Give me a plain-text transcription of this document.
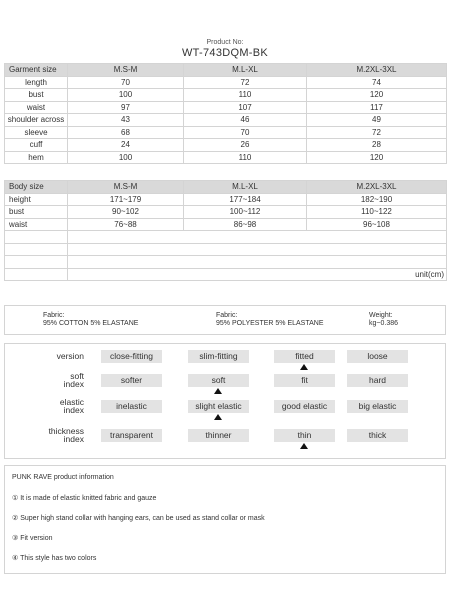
Product No:
WT-743DQM-BK
Garment size	M.S-M	M.L-XL	M.2XL-3XL
length	70	72	74
bust	100	110	120
waist	97	107	117
shoulder across	43	46	49
sleeve	68	70	72
cuff	24	26	28
hem	100	110	120
Body size	M.S-M	M.L-XL	M.2XL-3XL
height	171~179	177~184	182~190
bust	90~102	100~112	110~122
waist	76~88	86~98	96~108

	unit(cm)		
Fabric:
95% COTTON 5% ELASTANE
Fabric:
95% POLYESTER 5% ELASTANE
Weight:
kg~0.386
version	close-fitting	slim-fitting	fitted	loose
soft
index	softer	soft	fit	hard
elastic
index	inelastic	slight elastic	good elastic	big elastic
thickness
index	transparent	thinner	thin	thick
PUNK RAVE product information
① It is made of elastic knitted fabric and gauze
② Super high stand collar with hanging ears, can be used as stand collar or mask
③ Fit version
④ This style has two colors
